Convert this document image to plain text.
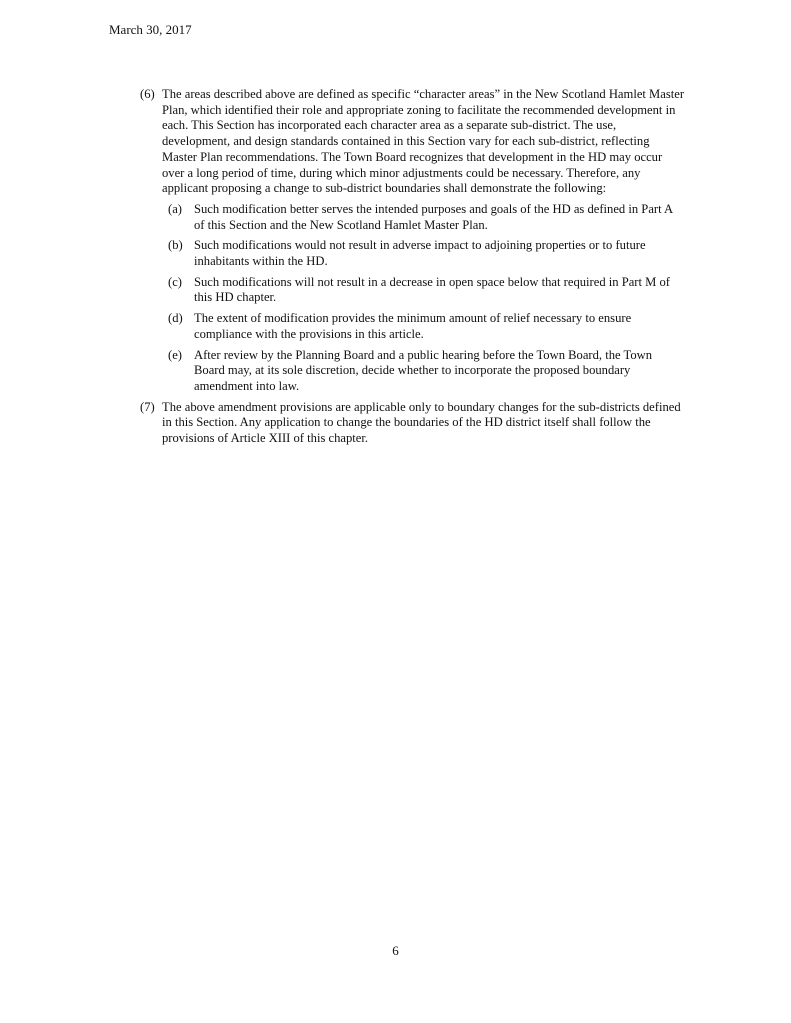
March 30, 2017
(6) The areas described above are defined as specific “character areas” in the New Scotland Hamlet Master Plan, which identified their role and appropriate zoning to facilitate the recommended development in each. This Section has incorporated each character area as a separate sub-district. The use, development, and design standards contained in this Section vary for each sub-district, reflecting Master Plan recommendations. The Town Board recognizes that development in the HD may occur over a long period of time, during which minor adjustments could be necessary. Therefore, any applicant proposing a change to sub-district boundaries shall demonstrate the following:
(a) Such modification better serves the intended purposes and goals of the HD as defined in Part A of this Section and the New Scotland Hamlet Master Plan.
(b) Such modifications would not result in adverse impact to adjoining properties or to future inhabitants within the HD.
(c) Such modifications will not result in a decrease in open space below that required in Part M of this HD chapter.
(d) The extent of modification provides the minimum amount of relief necessary to ensure compliance with the provisions in this article.
(e) After review by the Planning Board and a public hearing before the Town Board, the Town Board may, at its sole discretion, decide whether to incorporate the proposed boundary amendment into law.
(7) The above amendment provisions are applicable only to boundary changes for the sub-districts defined in this Section. Any application to change the boundaries of the HD district itself shall follow the provisions of Article XIII of this chapter.
6
